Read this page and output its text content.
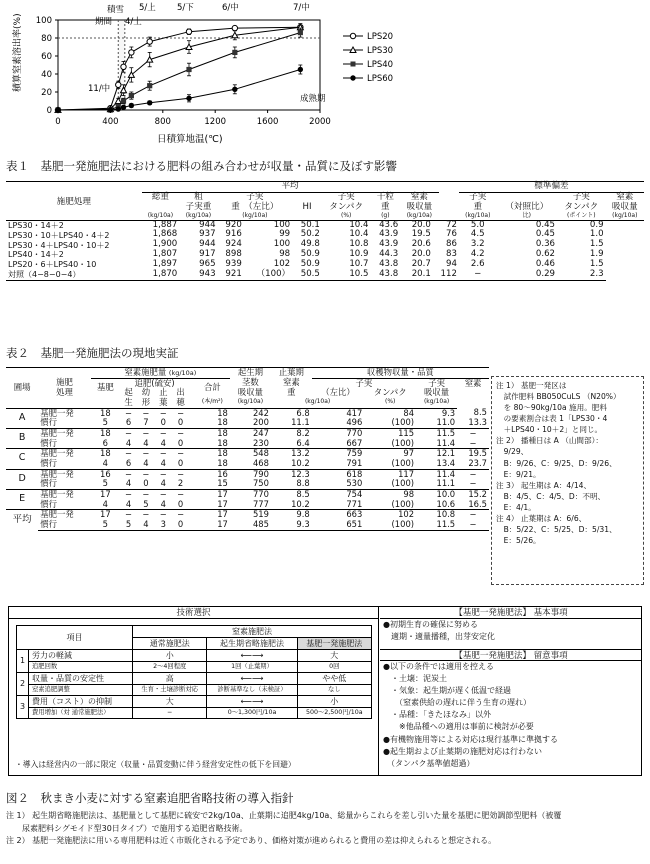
0
20
40
60
80
100
0	400	800	1200	1600	2000
積算窒素溶出率(%)
日積算地温(℃)
積雪
期間 4/上
5/上 5/下	6/中	7/中
11/中
成熟期
LPS20
LPS30
LPS40
LPS60
表１　基肥一発施肥法における肥料の組み合わせが収量・品質に及ぼす影響
	平均										標準偏差			
施肥処理	総重	粗	子実			子実	千粒	窒素			子実		子実	窒素
		子実重	重　（左比）		HI	タンパク	重	吸収量			重	（対照比）	タンパク	吸収量
	(kg/10a)	(kg/10a)	(kg/10a)			(%)	(g)	(kg/10a)			(kg/10a)	比)	(ポイント)	(kg/10a)
LPS30・14＋2	1,887	944	920	100	50.1	10.4	43.6	20.0		72	5.0	0.45	0.9	
LPS30・10＋LPS40・4＋2	1,868	937	916	99	50.2	10.4	43.9	19.5		76	4.5	0.45	1.0	
LPS30・4＋LPS40・10＋2	1,900	944	924	100	49.8	10.8	43.9	20.6		86	3.2	0.36	1.5	
LPS40・14＋2	1,807	917	898	98	50.9	10.9	44.3	20.0		83	4.2	0.62	1.9	
LPS20・6＋LPS40・10	1,897	965	939	102	50.9	10.7	43.8	20.7		94	2.6	0.46	1.5	
対照（4−8−0−4）	1,870	943	921	（100）	50.5	10.5	43.8	20.1		112	−	0.29	2.3	
表２　基肥一発施肥法の現地実証
		窒素施肥量 (kg/10a)							起生期	止葉期	収穫物収量・品質			
圃場	施肥	基肥	追肥(硫安)					合計	茎数	窒素	子実		子実	窒素
	処理		起	幼	止	出			吸収量	重	（左比）	タンパク	吸収量	
			生	形	葉	穂		(本/m²)	(kg/10a)	(kg/10a)		(%)	(kg/10a)	
A	基肥一発	18	−	−	−	−		18	242	6.8	417	84	9.3	8.5
	慣行	5	6	7	0	0		18	200	11.1	496	(100)	11.0	13.3
B	基肥一発	18	−	−	−	−		18	247	8.2	770	115	11.5	−
	慣行	6	4	4	4	0		18	230	6.4	667	(100)	11.4	−
C	基肥一発	18	−	−	−	−		18	548	13.2	759	97	12.1	19.5
	慣行	4	6	4	4	0		18	468	10.2	791	(100)	13.4	23.7
D	基肥一発	16	−	−	−	−		16	790	12.3	618	117	11.4	−
	慣行	5	4	0	4	2		15	750	8.8	530	(100)	11.1	−
E	基肥一発	17	−	−	−	−		17	770	8.5	754	98	10.0	15.2
	慣行	4	4	5	4	0		17	777	10.2	771	(100)	10.6	16.5
平均	基肥一発	17	−	−	−	−		17	519	9.8	663	102	10.8	−
	慣行	5	5	4	3	0		17	485	9.3	651	(100)	11.5	−
注 1） 基肥一発区は
　試作肥料 BB050CuLS （N20%）
　を 80〜90kg/10a 施用。肥料
　の要素割合は表 1「LPS30・4
　＋LPS40・10＋2」と同じ。
注 2） 播種日は A （山間部）：
　9/29、
　B：9/26、C：9/25、D：9/26、
　E：9/21。
注 3） 起生期は A：4/14、
　B：4/5、C：4/5、D：不明、
　E：4/1。
注 4） 止葉期は A：6/6、
　B：5/22、C：5/25、D：5/31、
　E：5/26。
技術選択
項目		窒素施肥法		
		通常施肥法	起生期省略施肥法	基肥一発施肥法
1	労力の軽減	小	⟵⟶	大
	追肥回数	2〜4回程度	1回（止葉期）	0回
2	収量・品質の安定性	高	⟵⟶	やや低
	窒素追肥調整	生育・土壌診断対応	診断基準なし（未検証）	なし
3	費用（コスト）の抑制	大	⟵⟶	小
	費用増加（対 通常施肥法）	−	0〜1,300円/10a	500〜2,500円/10a
・導入は経営内の一部に限定（収量・品質変動に伴う経営安定性の低下を回避）
【基肥一発施肥法】 基本事項
●初期生育の確保に努める
　適期・適量播種，出芽安定化
【基肥一発施肥法】 留意事項
●以下の条件では適用を控える
　・土壌：泥炭土
　・気象：起生期が遅く低温で経過
　　（窒素供給の遅れに伴う生育の遅れ）
　・品種：「きたほなみ」以外
　　※他品種への適用は事前に検討が必要
●有機物施用等による対応は現行基準に準拠する
●起生期および止葉期の施肥対応は行わない
　（タンパク基準値超過）
図２　秋まき小麦に対する窒素追肥省略技術の導入指針
注 1） 起生期省略施肥法は、基肥量として基肥に硫安で2kg/10a、止葉期に追肥4kg/10a、総量からこれらを差し引いた量を基肥に肥効調節型肥料（被覆
　　尿素肥料シグモイド型30日タイプ）で施用する追肥省略技術。
注 2） 基肥一発施肥法に用いる専用肥料は近く市販化される予定であり、価格対策が進められると費用の差は抑えられると想定される。
